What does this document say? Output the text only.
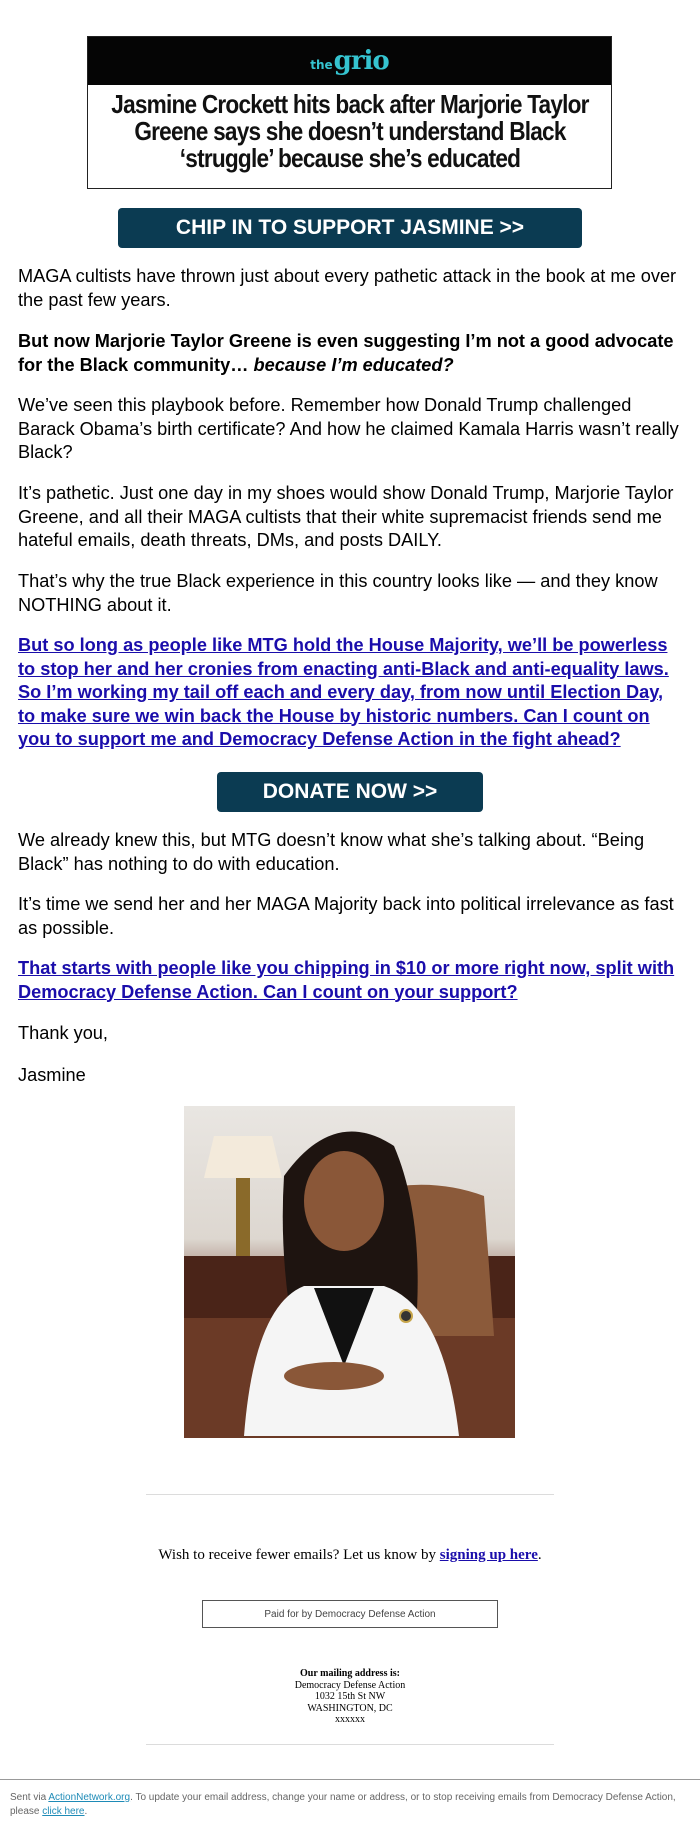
the grio

Jasmine Crockett hits back after Marjorie Taylor Greene says she doesn’t understand Black ‘struggle’ because she’s educated

CHIP IN TO SUPPORT JASMINE >>

MAGA cultists have thrown just about every pathetic attack in the book at me over the past few years.

But now Marjorie Taylor Greene is even suggesting I’m not a good advocate for the Black community… because I’m educated?

We’ve seen this playbook before. Remember how Donald Trump challenged Barack Obama’s birth certificate? And how he claimed Kamala Harris wasn’t really Black?

It’s pathetic. Just one day in my shoes would show Donald Trump, Marjorie Taylor Greene, and all their MAGA cultists that their white supremacist friends send me hateful emails, death threats, DMs, and posts DAILY.

That’s why the true Black experience in this country looks like — and they know NOTHING about it.

But so long as people like MTG hold the House Majority, we’ll be powerless to stop her and her cronies from enacting anti-Black and anti-equality laws. So I’m working my tail off each and every day, from now until Election Day, to make sure we win back the House by historic numbers. Can I count on you to support me and Democracy Defense Action in the fight ahead?
DONATE NOW >>

We already knew this, but MTG doesn’t know what she’s talking about. “Being Black” has nothing to do with education.

It’s time we send her and her MAGA Majority back into political irrelevance as fast as possible.

That starts with people like you chipping in $10 or more right now, split with Democracy Defense Action. Can I count on your support?

Thank you,

Jasmine

Wish to receive fewer emails? Let us know by signing up here.
Paid for by Democracy Defense Action
Our mailing address is:
Democracy Defense Action
1032 15th St NW
WASHINGTON, DC
xxxxxx
Sent via ActionNetwork.org. To update your email address, change your name or address, or to stop receiving emails from Democracy Defense Action, please click here.
